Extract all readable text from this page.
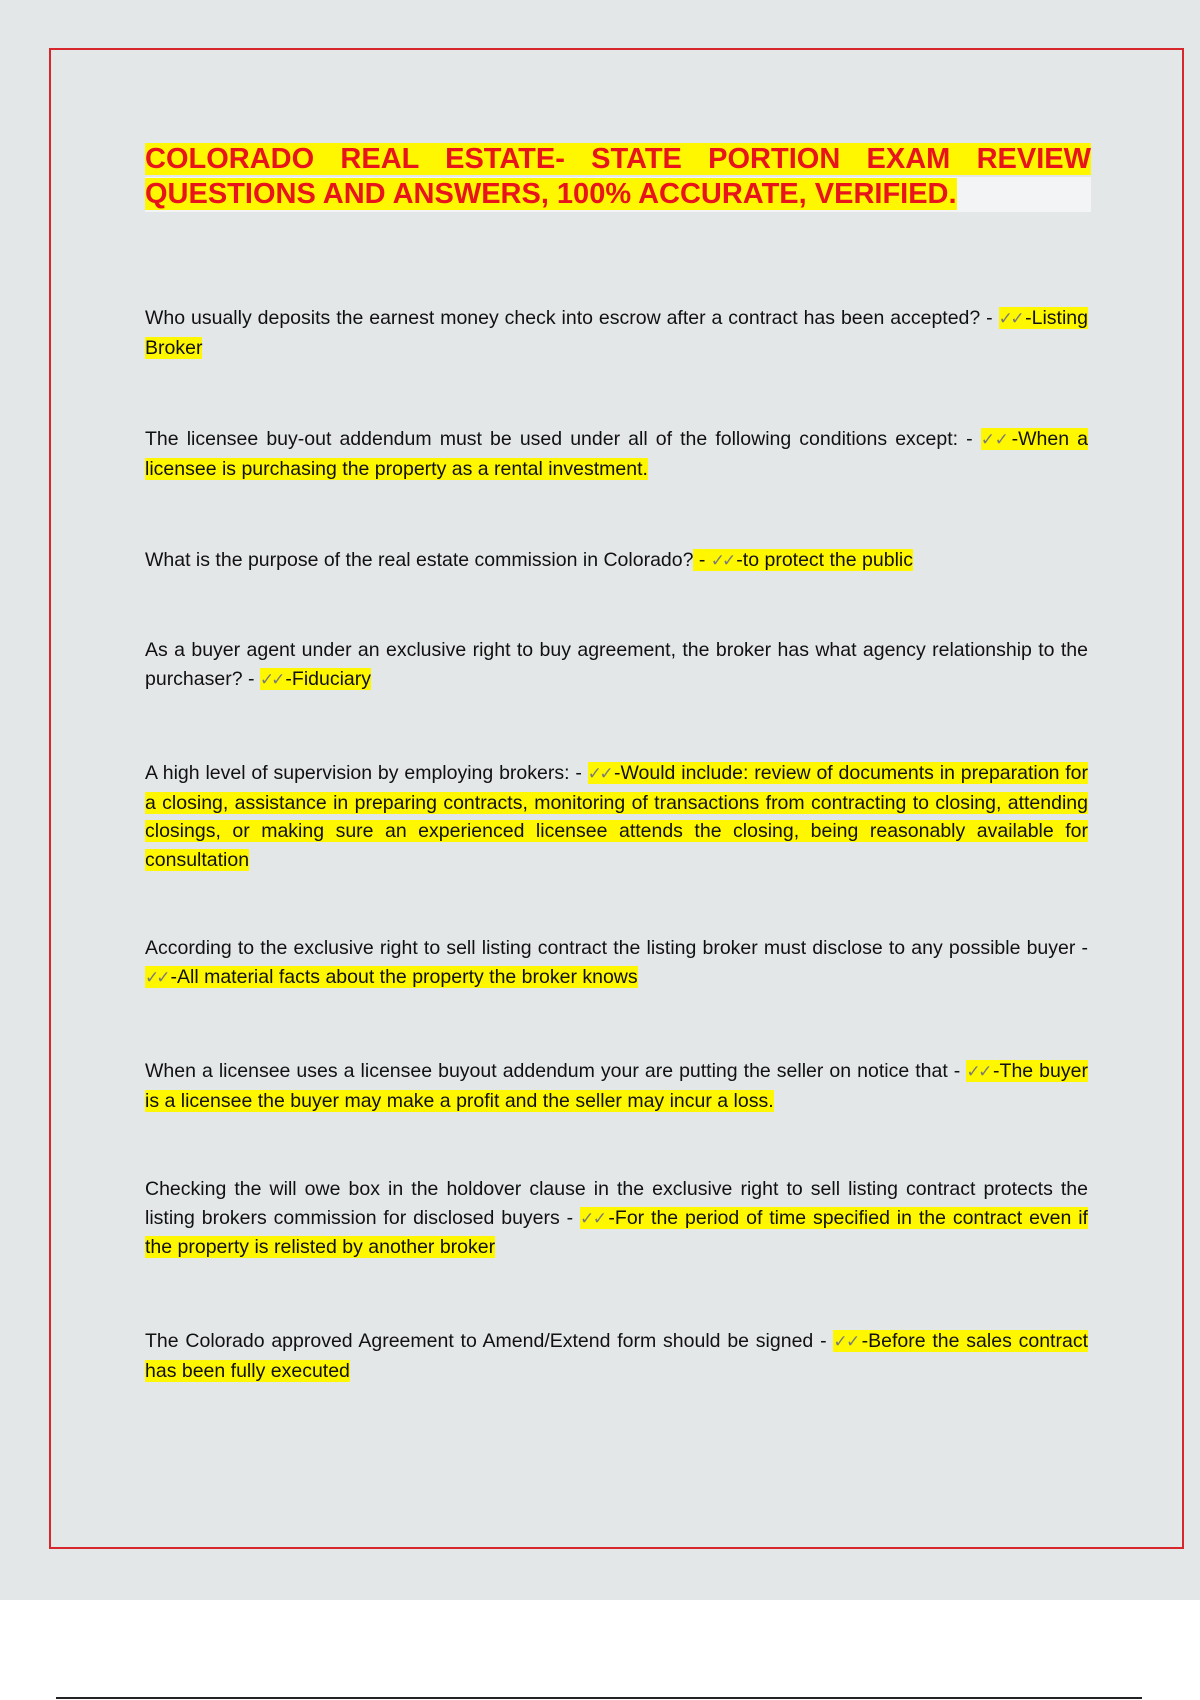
COLORADO REAL ESTATE- STATE PORTION EXAM REVIEW
QUESTIONS AND ANSWERS, 100% ACCURATE, VERIFIED.

Who usually deposits the earnest money check into escrow after a contract has been accepted? - ✓✓ -Listing Broker

The licensee buy-out addendum must be used under all of the following conditions except: - ✓✓ -When a licensee is purchasing the property as a rental investment.

What is the purpose of the real estate commission in Colorado? - ✓✓ -to protect the public

As a buyer agent under an exclusive right to buy agreement, the broker has what agency relationship to the purchaser? - ✓✓ -Fiduciary

A high level of supervision by employing brokers: - ✓✓ -Would include: review of documents in preparation for a closing, assistance in preparing contracts, monitoring of transactions from contracting to closing, attending closings, or making sure an experienced licensee attends the closing, being reasonably available for consultation

According to the exclusive right to sell listing contract the listing broker must disclose to any possible buyer - ✓✓ -All material facts about the property the broker knows

When a licensee uses a licensee buyout addendum your are putting the seller on notice that - ✓✓ -The buyer is a licensee the buyer may make a profit and the seller may incur a loss.

Checking the will owe box in the holdover clause in the exclusive right to sell listing contract protects the listing brokers commission for disclosed buyers - ✓✓ -For the period of time specified in the contract even if the property is relisted by another broker

The Colorado approved Agreement to Amend/Extend form should be signed - ✓✓ -Before the sales contract has been fully executed
